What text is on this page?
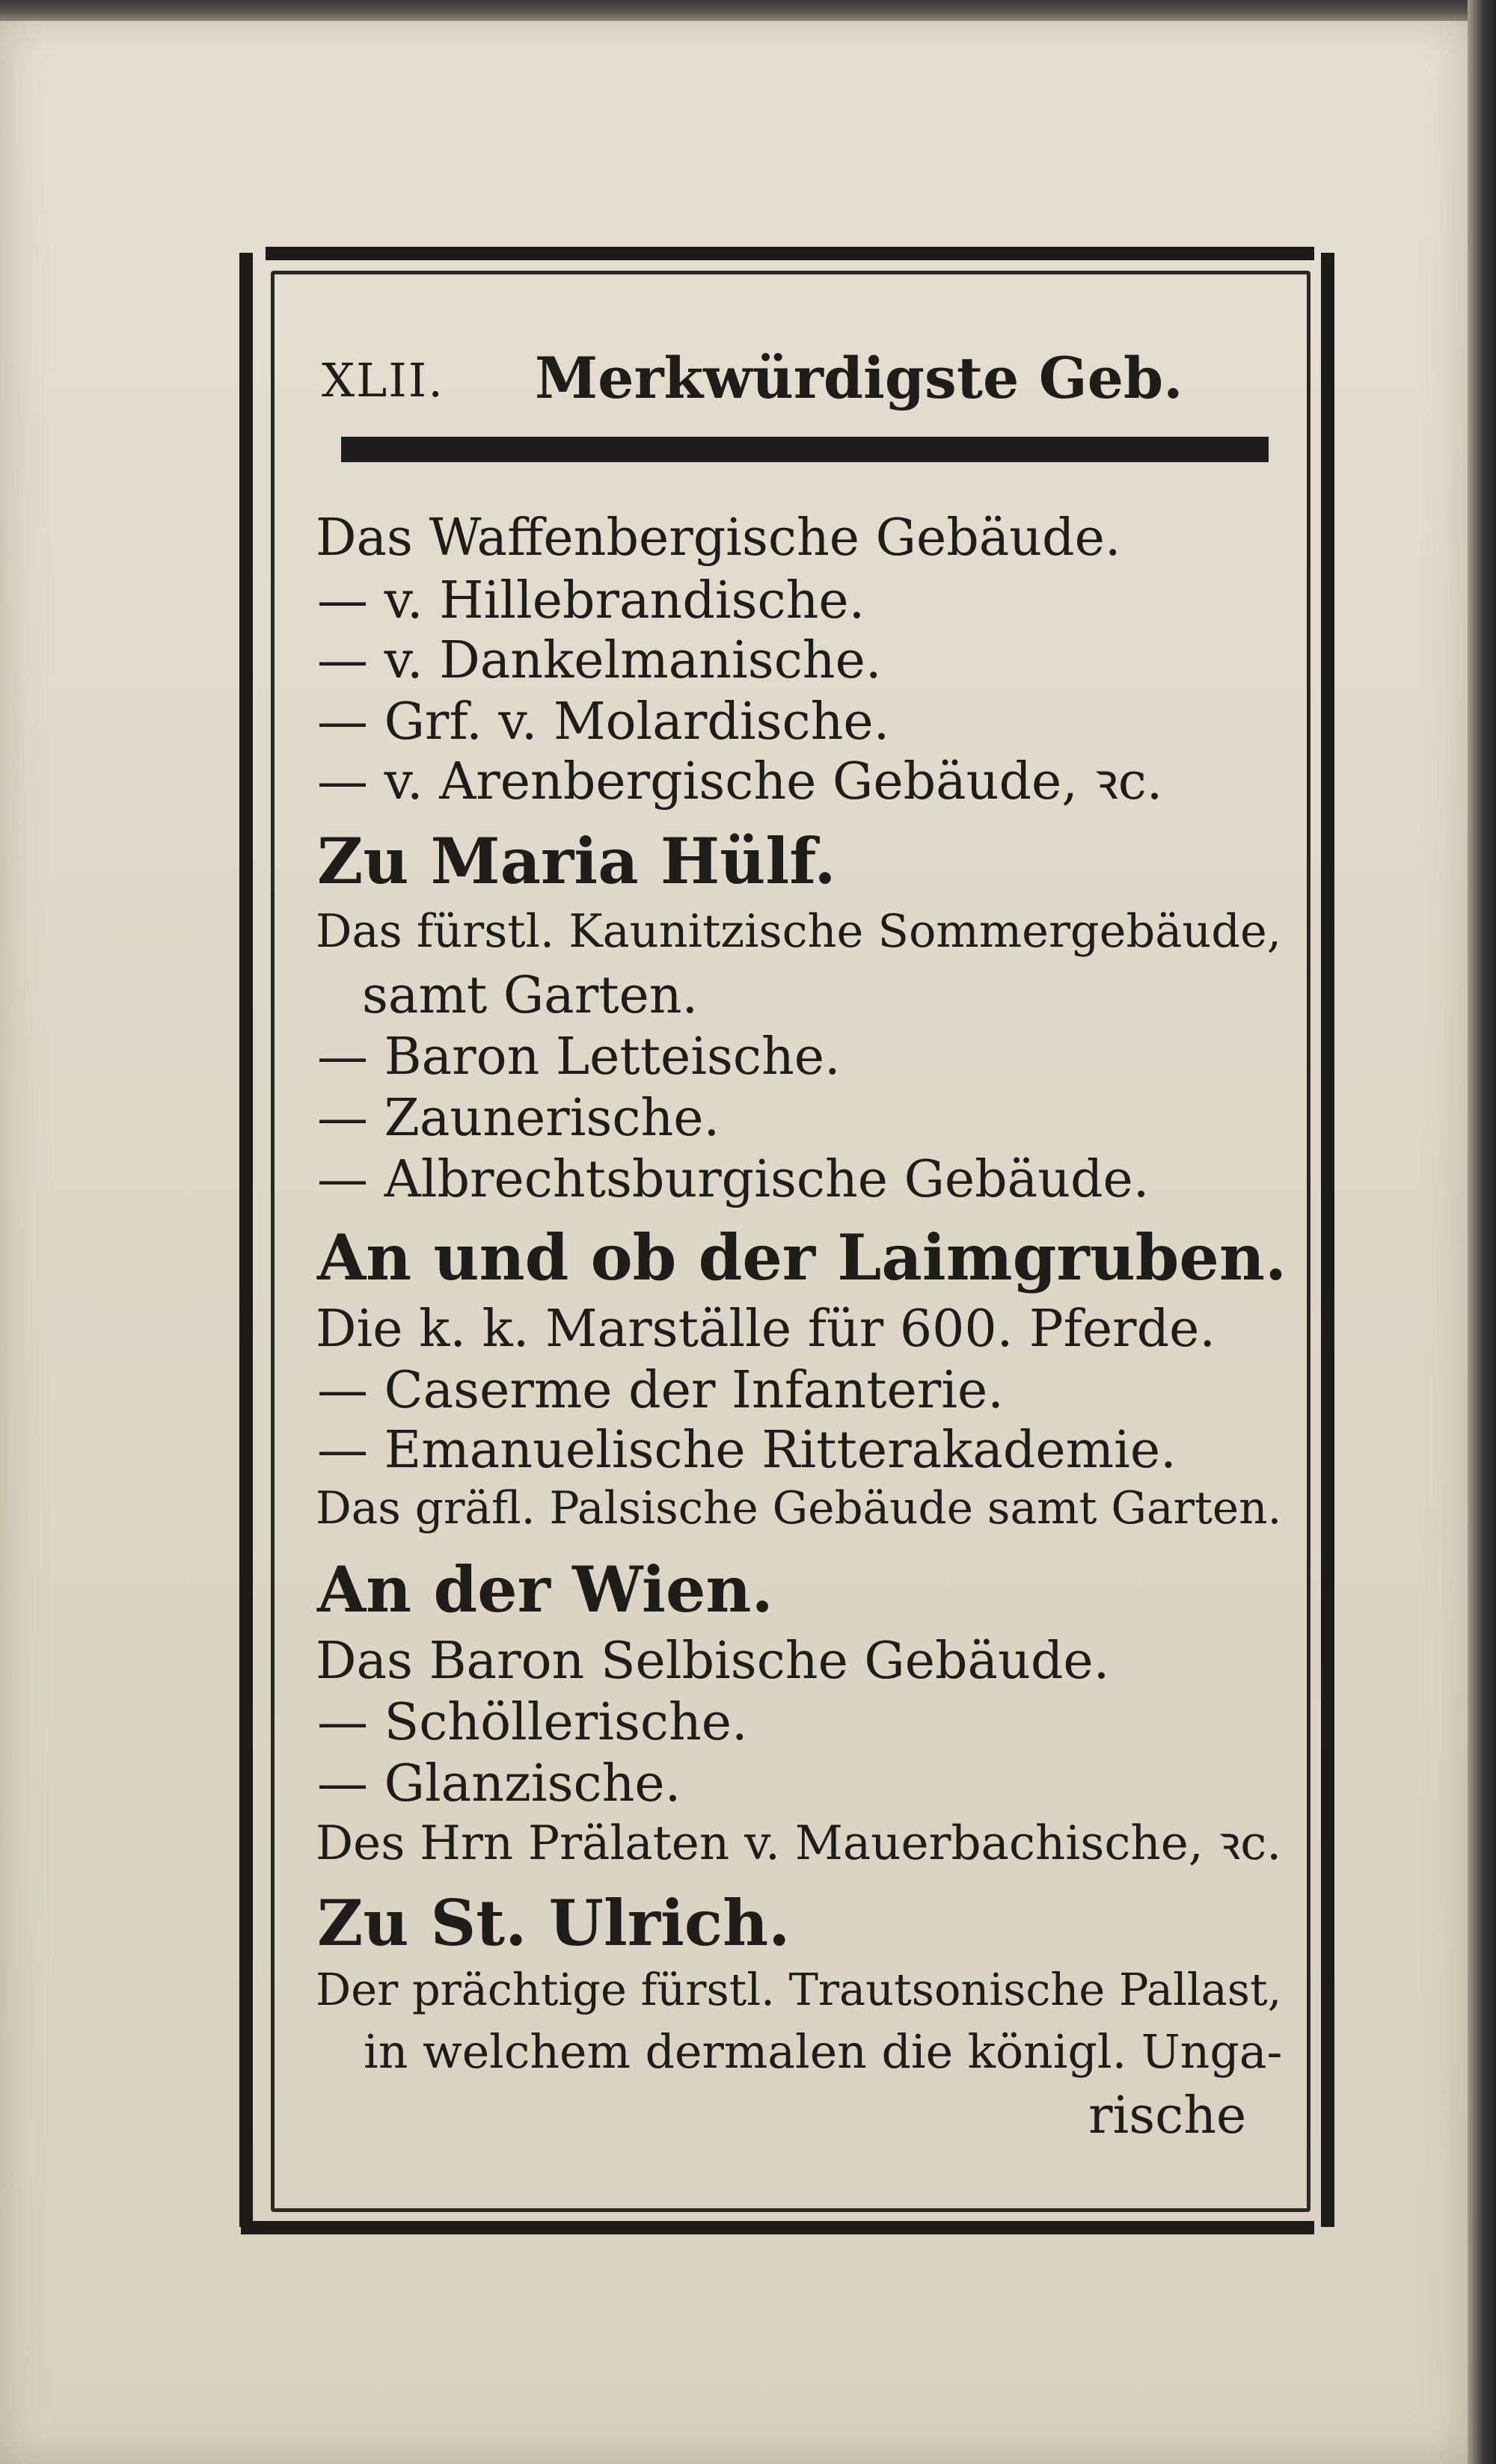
XLII. Merkwürdigste Geb.
Das Waffenbergische Gebäude.
— v. Hillebrandische.
— v. Dankelmanische.
— Grf. v. Molardische.
— v. Arenbergische Gebäude, ꝛc.
Zu Maria Hülf.
Das fürstl. Kaunitzische Sommergebäude,
samt Garten.
— Baron Letteische.
— Zaunerische.
— Albrechtsburgische Gebäude.
An und ob der Laimgruben.
Die k. k. Marställe für 600. Pferde.
— Caserme der Infanterie.
— Emanuelische Ritterakademie.
Das gräfl. Palsische Gebäude samt Garten.
An der Wien.
Das Baron Selbische Gebäude.
— Schöllerische.
— Glanzische.
Des Hrn Prälaten v. Mauerbachische, ꝛc.
Zu St. Ulrich.
Der prächtige fürstl. Trautsonische Pallast,
in welchem dermalen die königl. Unga-
rische
